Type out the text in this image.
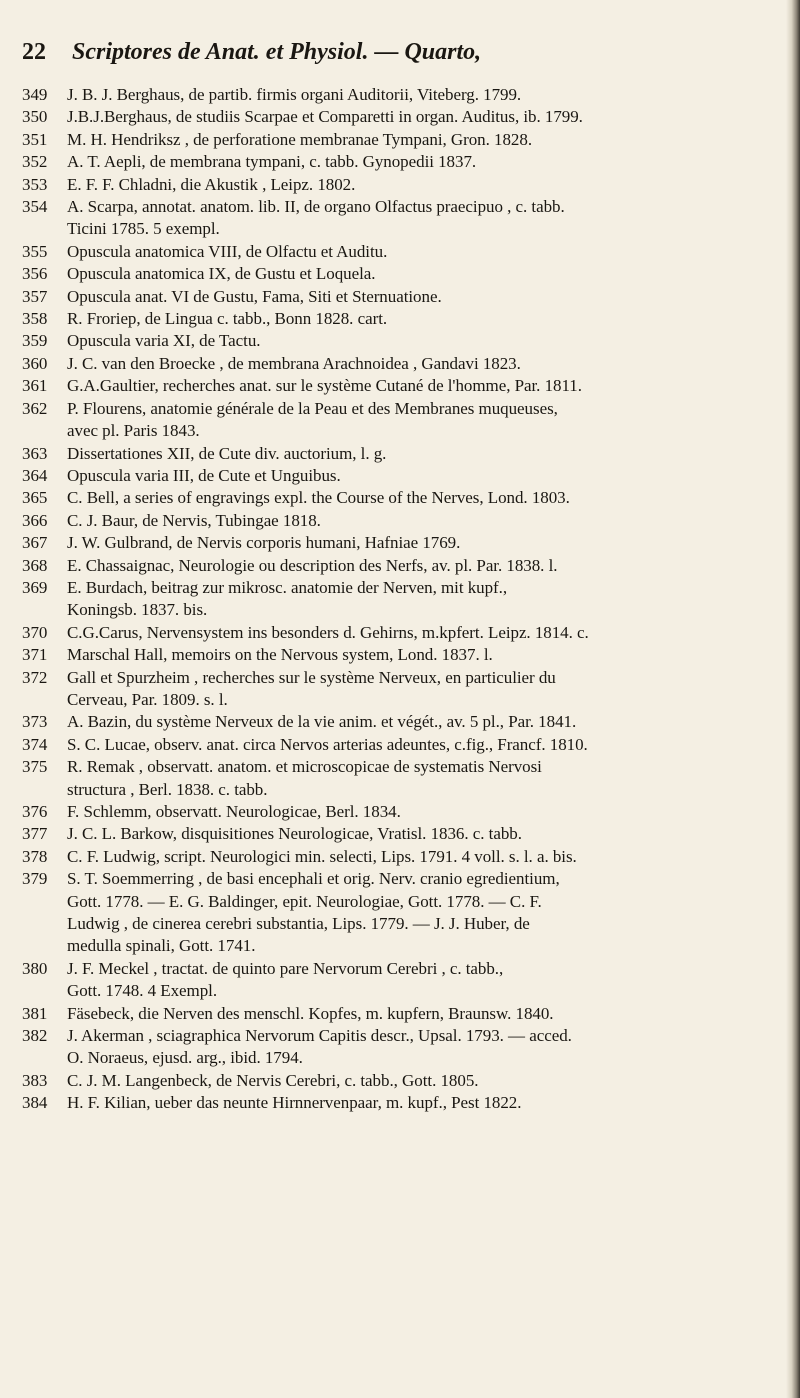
22 Scriptores de Anat. et Physiol. — Quarto,
349 J. B. J. Berghaus, de partib. firmis organi Auditorii, Viteberg. 1799.
350 J.B.J.Berghaus, de studiis Scarpae et Comparetti in organ. Auditus, ib. 1799.
351 M. H. Hendriksz , de perforatione membranae Tympani, Gron. 1828.
352 A. T. Aepli, de membrana tympani, c. tabb. Gynopedii 1837.
353 E. F. F. Chladni, die Akustik , Leipz. 1802.
354 A. Scarpa, annotat. anatom. lib. II, de organo Olfactus praecipuo , c. tabb.
Ticini 1785. 5 exempl.
355 Opuscula anatomica VIII, de Olfactu et Auditu.
356 Opuscula anatomica IX, de Gustu et Loquela.
357 Opuscula anat. VI de Gustu, Fama, Siti et Sternuatione.
358 R. Froriep, de Lingua c. tabb., Bonn 1828. cart.
359 Opuscula varia XI, de Tactu.
360 J. C. van den Broecke , de membrana Arachnoidea , Gandavi 1823.
361 G.A.Gaultier, recherches anat. sur le système Cutané de l'homme, Par. 1811.
362 P. Flourens, anatomie générale de la Peau et des Membranes muqueuses,
avec pl. Paris 1843.
363 Dissertationes XII, de Cute div. auctorium, l. g.
364 Opuscula varia III, de Cute et Unguibus.
365 C. Bell, a series of engravings expl. the Course of the Nerves, Lond. 1803.
366 C. J. Baur, de Nervis, Tubingae 1818.
367 J. W. Gulbrand, de Nervis corporis humani, Hafniae 1769.
368 E. Chassaignac, Neurologie ou description des Nerfs, av. pl. Par. 1838. l.
369 E. Burdach, beitrag zur mikrosc. anatomie der Nerven, mit kupf.,
Koningsb. 1837. bis.
370 C.G.Carus, Nervensystem ins besonders d. Gehirns, m.kpfert. Leipz. 1814. c.
371 Marschal Hall, memoirs on the Nervous system, Lond. 1837. l.
372 Gall et Spurzheim , recherches sur le système Nerveux, en particulier du
Cerveau, Par. 1809. s. l.
373 A. Bazin, du système Nerveux de la vie anim. et végét., av. 5 pl., Par. 1841.
374 S. C. Lucae, observ. anat. circa Nervos arterias adeuntes, c.fig., Francf. 1810.
375 R. Remak , observatt. anatom. et microscopicae de systematis Nervosi
structura , Berl. 1838. c. tabb.
376 F. Schlemm, observatt. Neurologicae, Berl. 1834.
377 J. C. L. Barkow, disquisitiones Neurologicae, Vratisl. 1836. c. tabb.
378 C. F. Ludwig, script. Neurologici min. selecti, Lips. 1791. 4 voll. s. l. a. bis.
379 S. T. Soemmerring , de basi encephali et orig. Nerv. cranio egredientium,
Gott. 1778. — E. G. Baldinger, epit. Neurologiae, Gott. 1778. — C. F.
Ludwig , de cinerea cerebri substantia, Lips. 1779. — J. J. Huber, de
medulla spinali, Gott. 1741.
380 J. F. Meckel , tractat. de quinto pare Nervorum Cerebri , c. tabb.,
Gott. 1748. 4 Exempl.
381 Fäsebeck, die Nerven des menschl. Kopfes, m. kupfern, Braunsw. 1840.
382 J. Akerman , sciagraphica Nervorum Capitis descr., Upsal. 1793. — acced.
O. Noraeus, ejusd. arg., ibid. 1794.
383 C. J. M. Langenbeck, de Nervis Cerebri, c. tabb., Gott. 1805.
384 H. F. Kilian, ueber das neunte Hirnnervenpaar, m. kupf., Pest 1822.
